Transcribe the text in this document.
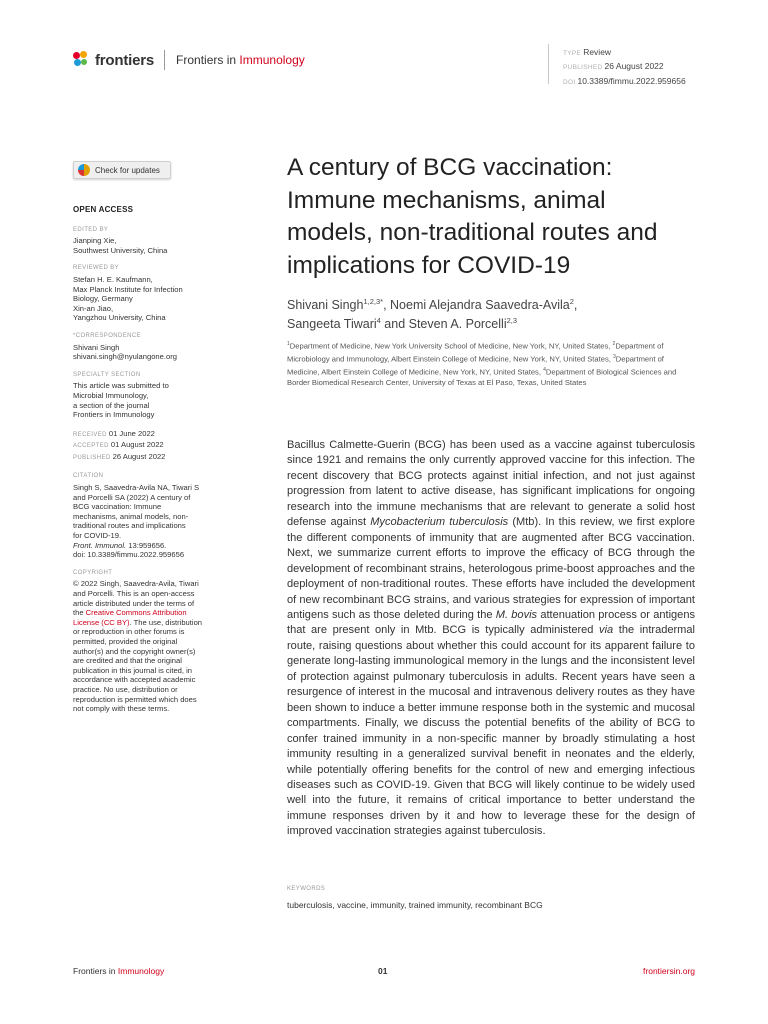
frontiers Frontiers in Immunology	TYPE Review
PUBLISHED 26 August 2022
DOI 10.3389/fimmu.2022.959656
Check for updates
OPEN ACCESS
EDITED BY
Jianping Xie,
Southwest University, China
REVIEWED BY
Stefan H. E. Kaufmann,
Max Planck Institute for Infection
Biology, Germany
Xin-an Jiao,
Yangzhou University, China
*CORRESPONDENCE
Shivani Singh
shivani.singh@nyulangone.org
SPECIALTY SECTION
This article was submitted to
Microbial Immunology,
a section of the journal
Frontiers in Immunology
RECEIVED 01 June 2022
ACCEPTED 01 August 2022
PUBLISHED 26 August 2022
CITATION
Singh S, Saavedra-Avila NA, Tiwari S
and Porcelli SA (2022) A century of
BCG vaccination: Immune
mechanisms, animal models, non-
traditional routes and implications
for COVID-19.
Front. Immunol. 13:959656.
doi: 10.3389/fimmu.2022.959656
COPYRIGHT
© 2022 Singh, Saavedra-Avila, Tiwari
and Porcelli. This is an open-access
article distributed under the terms of
the Creative Commons Attribution
License (CC BY). The use, distribution
or reproduction in other forums is
permitted, provided the original
author(s) and the copyright owner(s)
are credited and that the original
publication in this journal is cited, in
accordance with accepted academic
practice. No use, distribution or
reproduction is permitted which does
not comply with these terms.
A century of BCG vaccination: Immune mechanisms, animal models, non-traditional routes and implications for COVID-19
Shivani Singh$^{1,2,3*}$, Noemi Alejandra Saavedra-Avila$^2$,
Sangeeta Tiwari$^4$ and Steven A. Porcelli$^{2,3}$
$^1$Department of Medicine, New York University School of Medicine, New York, NY, United States, $^2$Department of Microbiology and Immunology, Albert Einstein College of Medicine, New York, NY, United States, $^3$Department of Medicine, Albert Einstein College of Medicine, New York, NY, United States, $^4$Department of Biological Sciences and Border Biomedical Research Center, University of Texas at El Paso, Texas, United States
Bacillus Calmette-Guerin (BCG) has been used as a vaccine against tuberculosis since 1921 and remains the only currently approved vaccine for this infection. The recent discovery that BCG protects against initial infection, and not just against progression from latent to active disease, has significant implications for ongoing research into the immune mechanisms that are relevant to generate a solid host defense against Mycobacterium tuberculosis (Mtb). In this review, we first explore the different components of immunity that are augmented after BCG vaccination. Next, we summarize current efforts to improve the efficacy of BCG through the development of recombinant strains, heterologous prime-boost approaches and the deployment of non-traditional routes. These efforts have included the development of new recombinant BCG strains, and various strategies for expression of important antigens such as those deleted during the M. bovis attenuation process or antigens that are present only in Mtb. BCG is typically administered via the intradermal route, raising questions about whether this could account for its apparent failure to generate long-lasting immunological memory in the lungs and the inconsistent level of protection against pulmonary tuberculosis in adults. Recent years have seen a resurgence of interest in the mucosal and intravenous delivery routes as they have been shown to induce a better immune response both in the systemic and mucosal compartments. Finally, we discuss the potential benefits of the ability of BCG to confer trained immunity in a non-specific manner by broadly stimulating a host immunity resulting in a generalized survival benefit in neonates and the elderly, while potentially offering benefits for the control of new and emerging infectious diseases such as COVID-19. Given that BCG will likely continue to be widely used well into the future, it remains of critical importance to better understand the immune responses driven by it and how to leverage these for the design of improved vaccination strategies against tuberculosis.
KEYWORDS
tuberculosis, vaccine, immunity, trained immunity, recombinant BCG
Frontiers in Immunology	01	frontiersin.org
